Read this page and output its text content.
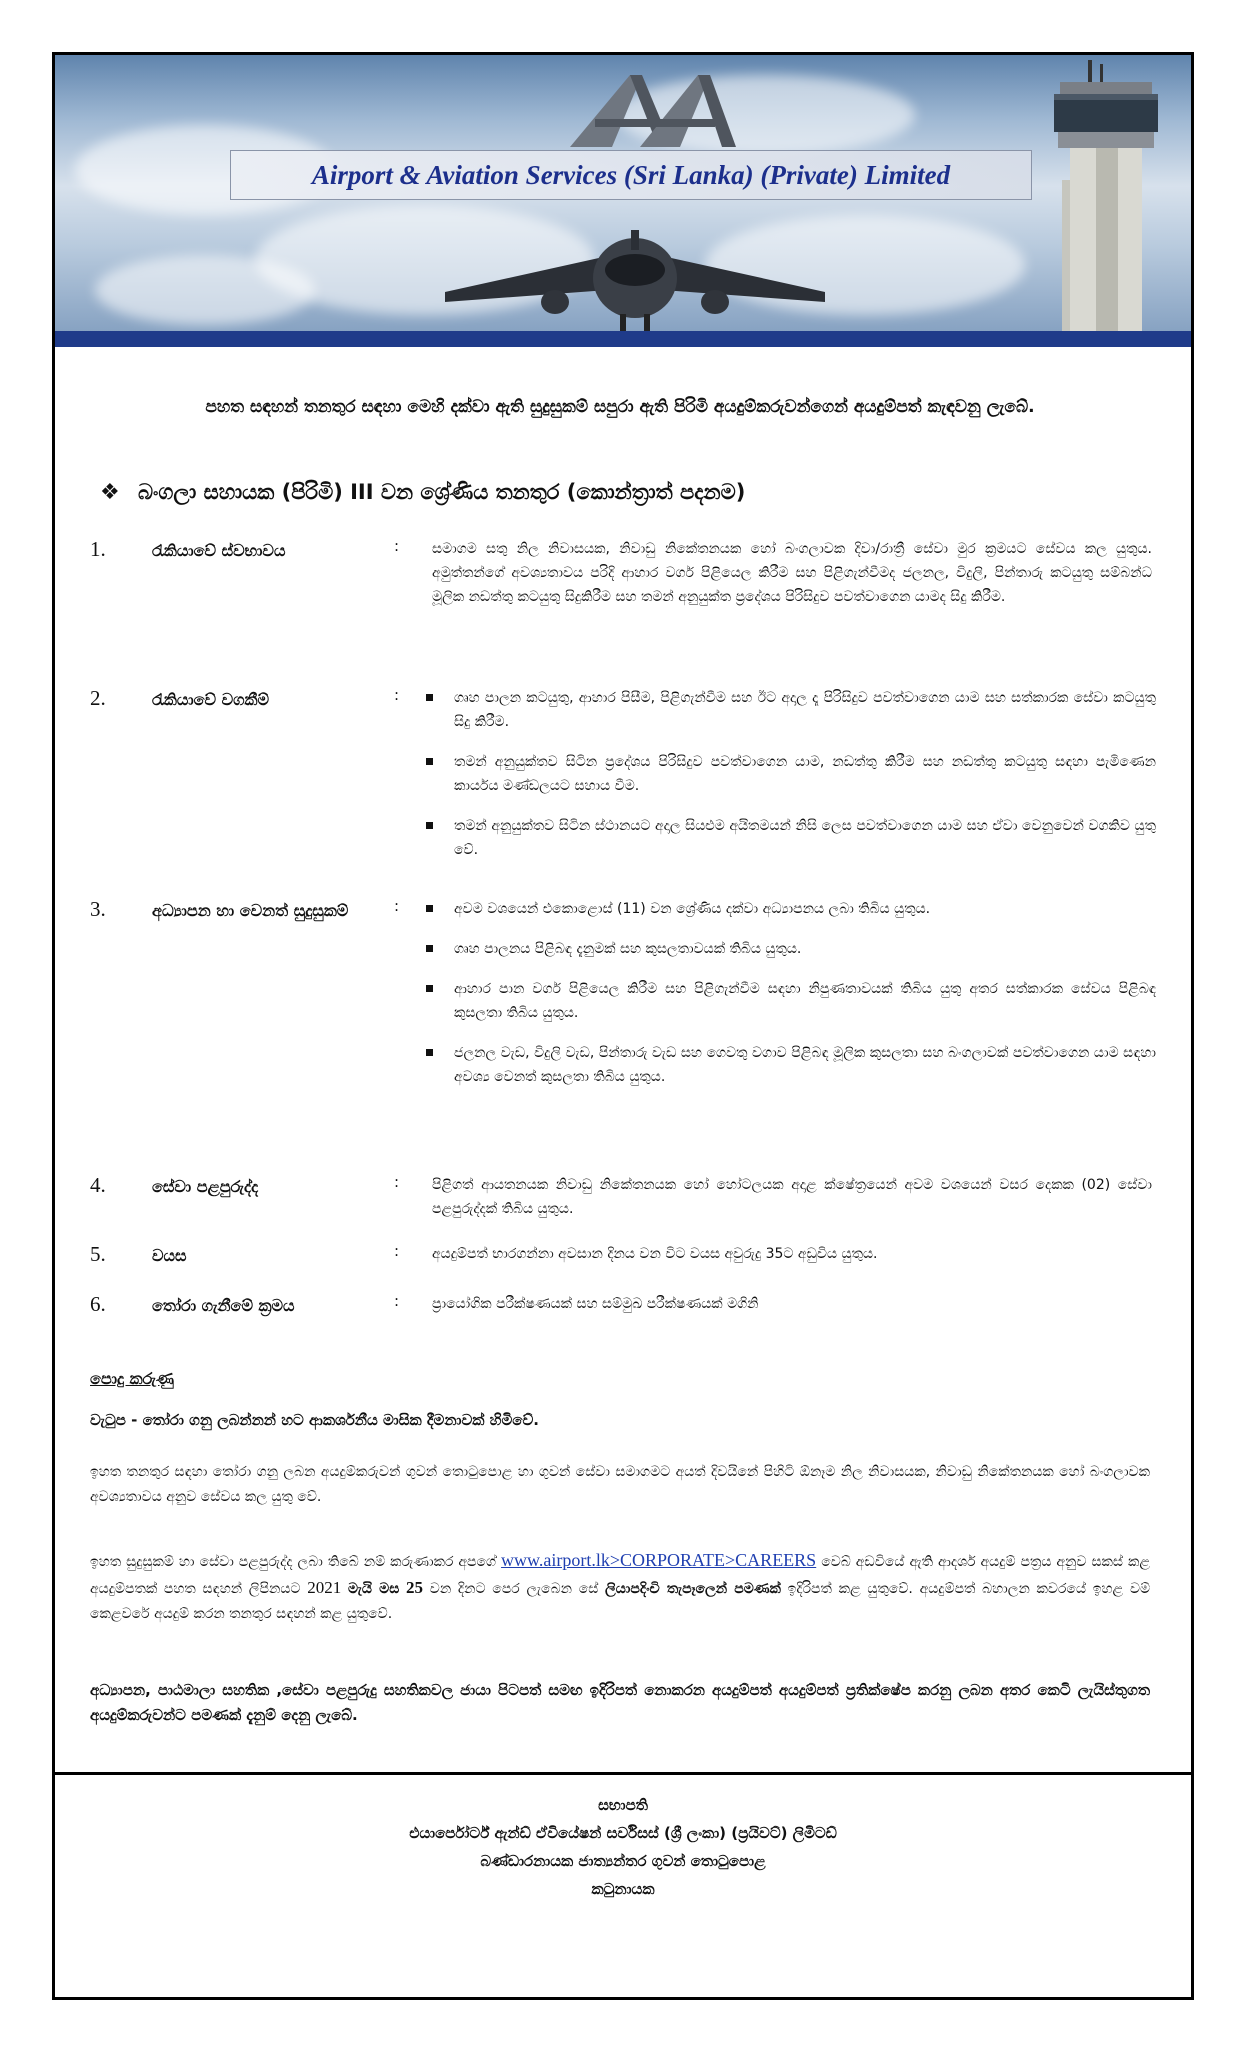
Airport & Aviation Services (Sri Lanka) (Private) Limited
පහත සඳහන් තනතුර සඳහා මෙහි දක්වා ඇති සුදුසුකම් සපුරා ඇති පිරිමි අයදුම්කරුවන්ගෙන් අයදුම්පත් කැඳවනු ලැබේ.
❖ බංගලා සහායක (පිරිමි) III වන ශ්‍රේණිය තනතුර (කොන්ත්‍රාත් පදනම)
1.	රැකියාවේ ස්වභාවය	: සමාගම සතු නිල නිවාසයක, නිවාඩු නිකේතනයක හෝ බංගලාවක දිවා/රාත්‍රී සේවා මුර ක්‍රමයට සේවය කල යුතුය. අමුත්තන්ගේ අවශ්‍යතාවය පරිදි ආහාර වර්ග පිළියෙල කිරීම සහ පිළිගැන්වීමද ජලනල, විදුලි, පින්තාරු කටයුතු සම්බන්ධ මූලික නඩත්තු කටයුතු සිදුකිරීම සහ තමන් අනුයුක්ත ප්‍රදේශය පිරිසිදුව පවත්වාගෙන යාමද සිදු කිරීම.
2.	රැකියාවේ වගකීම්	:	ගෘහ පාලන කටයුතු, ආහාර පිසීම, පිළිගැන්වීම සහ ඊට අදාල දෑ පිරිසිදුව පවත්වාගෙන යාම සහ සත්කාරක සේවා කටයුතු සිදු කිරීම.
තමන් අනුයුක්තව සිටින ප්‍රදේශය පිරිසිදුව පවත්වාගෙන යාම, නඩත්තු කිරීම සහ නඩත්තු කටයුතු සඳහා පැමිණෙන කාර්යය මණ්ඩලයට සහාය වීම.
තමන් අනුයුක්තව සිටින ස්ථානයට අදාල සියළුම අයිතමයන් නිසි ලෙස පවත්වාගෙන යාම සහ ඒවා වෙනුවෙන් වගකිව යුතු වේ.
3.	අධ්‍යාපන හා වෙනත් සුදුසුකම්	:	අවම වශයෙන් එකොළොස් (11) වන ශ්‍රේණිය දක්වා අධ්‍යාපනය ලබා තිබිය යුතුය.
ගෘහ පාලනය පිළිබඳ දැනුමක් සහ කුසලතාවයක් තිබිය යුතුය.
ආහාර පාන වර්ග පිළියෙල කිරීම සහ පිළිගැන්වීම සඳහා නිපුණතාවයක් තිබිය යුතු අතර සත්කාරක සේවය පිළිබඳ කුසලතා තිබිය යුතුය.
ජලනල වැඩ, විදුලි වැඩ, පින්තාරු වැඩ සහ ගෙවතු වගාව පිළිබඳ මූලික කුසලතා සහ බංගලාවක් පවත්වාගෙන යාම සඳහා අවශ්‍ය වෙනත් කුසලතා තිබිය යුතුය.
4.	සේවා පළපුරුද්ද	: පිළිගත් ආයතනයක නිවාඩු නිකේතනයක හෝ හෝටලයක අදාළ ක්ෂේත්‍රයෙන් අවම වශයෙන් වසර දෙකක (02) සේවා පළපුරුද්දක් තිබිය යුතුය.
5.	වයස	: අයදුම්පත් භාරගන්නා අවසාන දිනය වන විට වයස අවුරුදු 35ට අඩුවිය යුතුය.
6.	තෝරා ගැනීමේ ක්‍රමය	: ප්‍රායෝගික පරීක්ෂණයක් සහ සම්මුඛ පරීක්ෂණයක් මගිනි
පොදු කරුණු
වැටුප - තෝරා ගනු ලබන්නන් හට ආකර්ශනීය මාසික දීමනාවක් හිමිවේ.
ඉහත තනතුර සඳහා තෝරා ගනු ලබන අයදුම්කරුවන් ගුවන් තොටුපොළ හා ගුවන් සේවා සමාගමට අයත් දිවයිනේ පිහිටි ඕනෑම නිල නිවාසයක, නිවාඩු නිකේතනයක හෝ බංගලාවක අවශ්‍යතාවය අනුව සේවය කල යුතු වේ.
ඉහත සුදුසුකම් හා සේවා පළපුරුද්ද ලබා තිබේ නම් කරුණාකර අපගේ www.airport.lk>CORPORATE>CAREERS වෙබ් අඩවියේ ඇති ආදර්ශ අයදුම් පත්‍රය අනුව සකස් කළ අයදුම්පතක් පහත සඳහන් ලිපිනයට 2021 මැයි මස 25 වන දිනට පෙර ලැබෙන සේ ලියාපදිංචි තැපෑලෙන් පමණක් ඉදිරිපත් කළ යුතුවේ. අයදුම්පත් බහාලන කවරයේ ඉහළ වම් කෙළවරේ අයදුම් කරන තනතුර සඳහන් කළ යුතුවේ.
අධ්‍යාපන, පාඨමාලා සහතික ,සේවා පළපුරුදු සහතිකවල ජායා පිටපත් සමඟ ඉදිරිපත් නොකරන අයදුම්පත් අයදුම්පත් ප්‍රතික්ෂේප කරනු ලබන අතර කෙටි ලැයිස්තුගත අයදුම්කරුවන්ට පමණක් දැනුම් දෙනු ලැබේ.
සභාපති
එයාර්පෝර්ට් ඇන්ඩ් ඒවියේෂන් සර්විසස් (ශ්‍රී ලංකා) (ප්‍රයිවට්) ලිමිටඩ්
බණ්ඩාරනායක ජාත්‍යන්තර ගුවන් තොටුපොළ
කටුනායක
